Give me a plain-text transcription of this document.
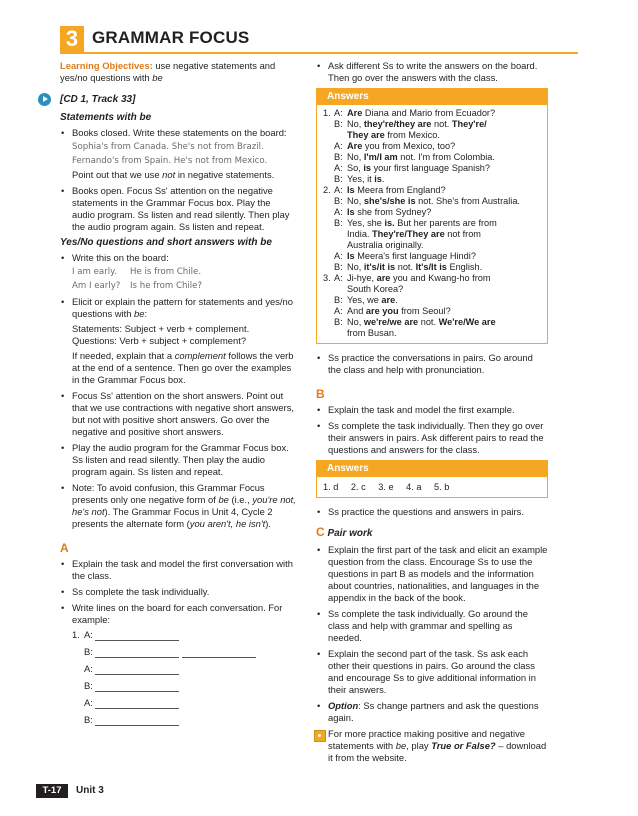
3 GRAMMAR FOCUS

Learning Objectives: use negative statements and yes/no questions with be

[CD 1, Track 33]
Statements with be
• Books closed. Write these statements on the board:
Sophia's from Canada. She's not from Brazil.
Fernando's from Spain. He's not from Mexico.
Point out that we use not in negative statements.
• Books open. Focus Ss' attention on the negative statements in the Grammar Focus box. Play the audio program. Ss listen and read silently. Then play the audio program again. Ss listen and repeat.
Yes/No questions and short answers with be
• Write this on the board:
I am early. He is from Chile.
Am I early? Is he from Chile?
• Elicit or explain the pattern for statements and yes/no questions with be:
Statements: Subject + verb + complement.
Questions: Verb + subject + complement?
If needed, explain that a complement follows the verb at the end of a sentence. Then go over the examples in the Grammar Focus box.
• Focus Ss' attention on the short answers. Point out that we use contractions with negative short answers, but not with positive short answers. Go over the negative and positive short answers.
• Play the audio program for the Grammar Focus box. Ss listen and read silently. Then play the audio program again. Ss listen and repeat.
• Note: To avoid confusion, this Grammar Focus presents only one negative form of be (i.e., you're not, he's not). The Grammar Focus in Unit 4, Cycle 2 presents the alternate form (you aren't, he isn't).
A
• Explain the task and model the first conversation with the class.
• Ss complete the task individually.
• Write lines on the board for each conversation. For example:
1. A:
B:
A:
B:
A:
B:
• Ask different Ss to write the answers on the board. Then go over the answers with the class.
Answers
1. A: Are Diana and Mario from Ecuador?
B: No, they're/they are not. They're/
They are from Mexico.
A: Are you from Mexico, too?
B: No, I'm/I am not. I'm from Colombia.
A: So, is your first language Spanish?
B: Yes, it is.
2. A: Is Meera from England?
B: No, she's/she is not. She's from Australia.
A: Is she from Sydney?
B: Yes, she is. But her parents are from
India. They're/They are not from
Australia originally.
A: Is Meera's first language Hindi?
B: No, it's/it is not. It's/It is English.
3. A: Ji-hye, are you and Kwang-ho from
South Korea?
B: Yes, we are.
A: And are you from Seoul?
B: No, we're/we are not. We're/We are
from Busan.
• Ss practice the conversations in pairs. Go around the class and help with pronunciation.
B
• Explain the task and model the first example.
• Ss complete the task individually. Then they go over their answers in pairs. Ask different pairs to read the questions and answers for the class.
Answers
1. d 2. c 3. e 4. a 5. b
• Ss practice the questions and answers in pairs.
C Pair work
• Explain the first part of the task and elicit an example question from the class. Encourage Ss to use the questions in part B as models and the information about countries, nationalities, and languages in the appendix in the back of the book.
• Ss complete the task individually. Go around the class and help with grammar and spelling as needed.
• Explain the second part of the task. Ss ask each other their questions in pairs. Go around the class and encourage Ss to give additional information in their answers.
• Option: Ss change partners and ask the questions again.
For more practice making positive and negative statements with be, play True or False? – download it from the website.
T-17	Unit 3
